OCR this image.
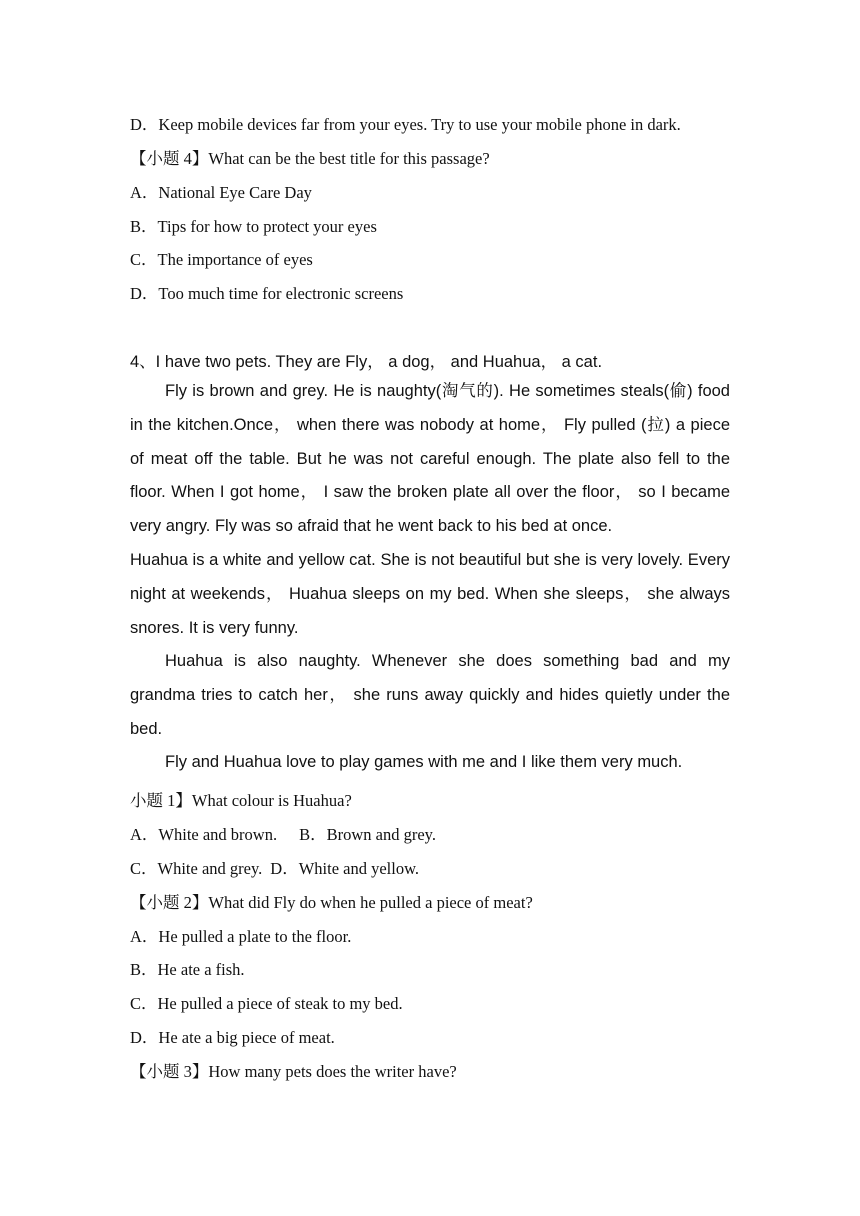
D．Keep mobile devices far from your eyes. Try to use your mobile phone in dark.
【小题 4】What can be the best title for this passage?
A．National Eye Care Day
B．Tips for how to protect your eyes
C．The importance of eyes
D．Too much time for electronic screens
4、I have two pets. They are Fly， a dog， and Huahua， a cat.
Fly is brown and grey. He is naughty(淘气的). He sometimes steals(偷) food in the kitchen.Once， when there was nobody at home， Fly pulled (拉) a piece of meat off the table. But he was not careful enough. The plate also fell to the floor. When I got home， I saw the broken plate all over the floor， so I became very angry. Fly was so afraid that he went back to his bed at once.
Huahua is a white and yellow cat. She is not beautiful but she is very lovely. Every night at weekends， Huahua sleeps on my bed. When she sleeps， she always snores. It is very funny.
Huahua is also naughty. Whenever she does something bad and my grandma tries to catch her， she runs away quickly and hides quietly under the bed.
Fly and Huahua love to play games with me and I like them very much.
小题 1】What colour is Huahua?
A．White and brown. B．Brown and grey.
C．White and grey. D．White and yellow.
【小题 2】What did Fly do when he pulled a piece of meat?
A．He pulled a plate to the floor.
B．He ate a fish.
C．He pulled a piece of steak to my bed.
D．He ate a big piece of meat.
【小题 3】How many pets does the writer have?
